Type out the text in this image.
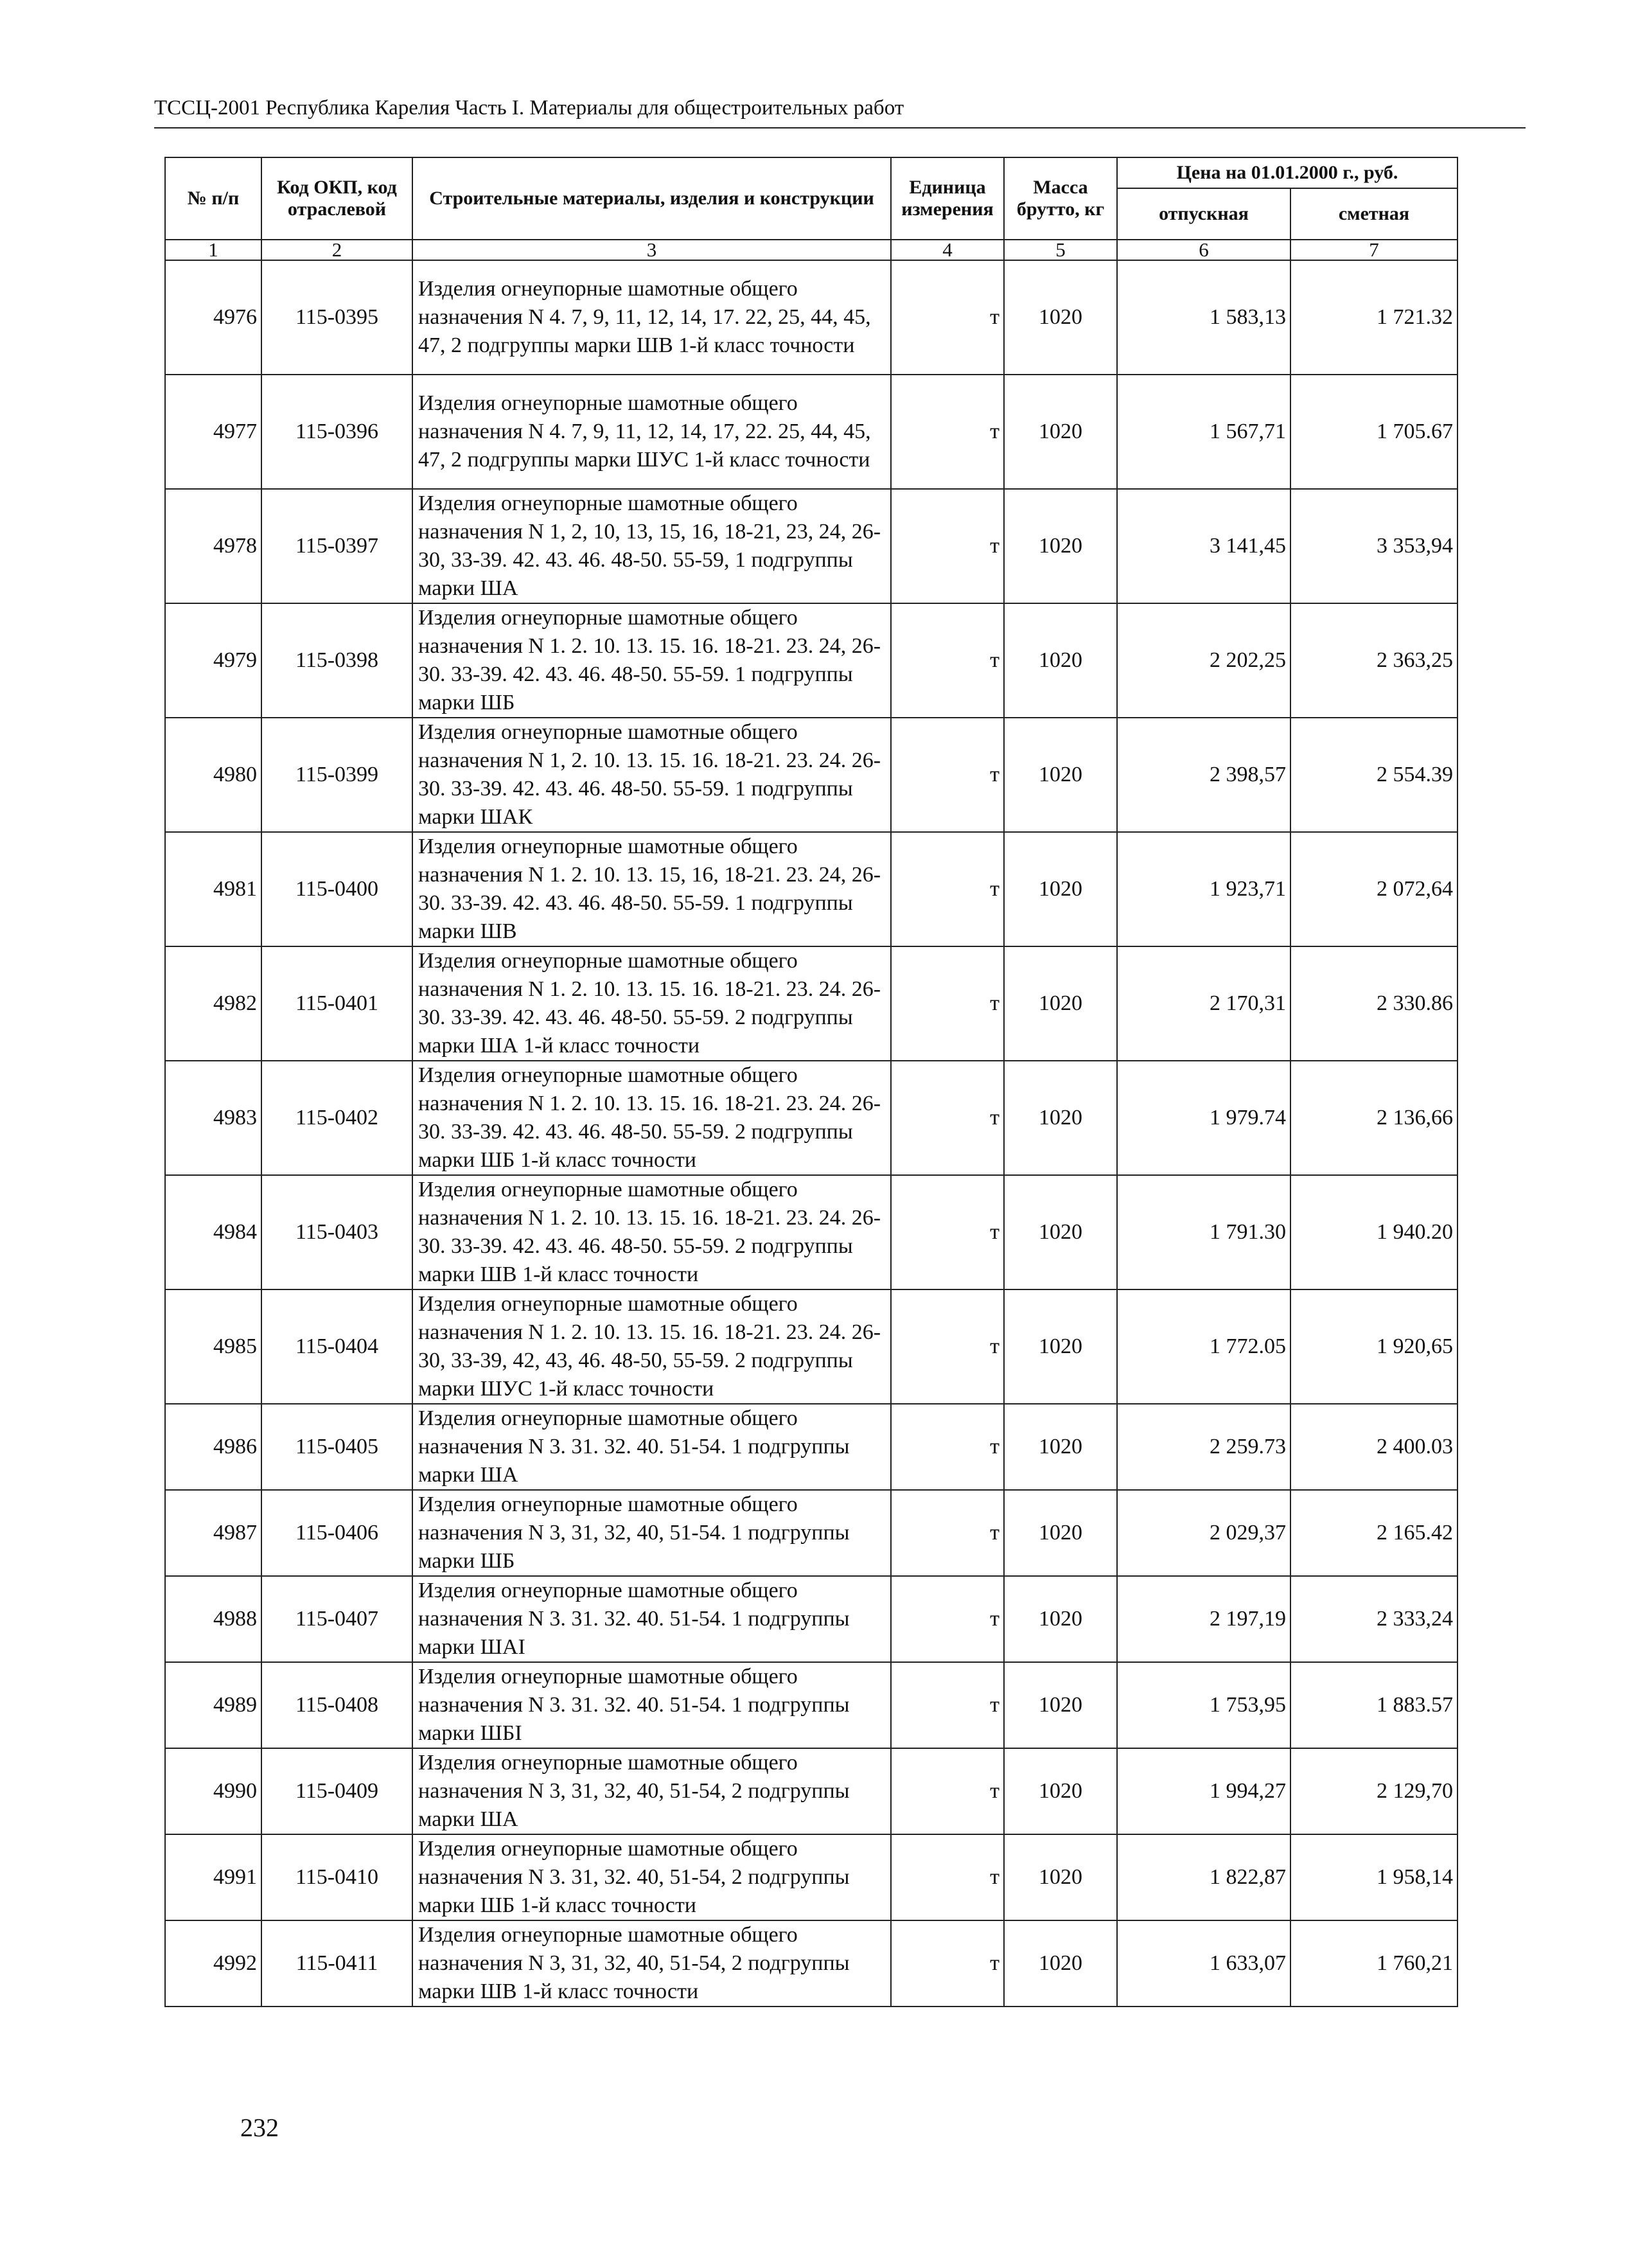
ТССЦ-2001 Республика Карелия Часть I. Материалы для общестроительных работ
№ п/п	Код ОКП, код отраслевой	Строительные материалы, изделия и конструкции	Единица измерения	Масса брутто, кг	Цена на 01.01.2000 г., руб.	
					отпускная	сметная
1	2	3	4	5	6	7
4976	115-0395	Изделия огнеупорные шамотные общего назначения N 4. 7, 9, 11, 12, 14, 17. 22, 25, 44, 45, 47, 2 подгруппы марки ШВ 1-й класс точности	т	1020	1 583,13	1 721.32
4977	115-0396	Изделия огнеупорные шамотные общего назначения N 4. 7, 9, 11, 12, 14, 17, 22. 25, 44, 45, 47, 2 подгруппы марки ШУС 1-й класс точности	т	1020	1 567,71	1 705.67
4978	115-0397	Изделия огнеупорные шамотные общего назначения N 1, 2, 10, 13, 15, 16, 18-21, 23, 24, 26-30, 33-39. 42. 43. 46. 48-50. 55-59, 1 подгруппы марки ША	т	1020	3 141,45	3 353,94
4979	115-0398	Изделия огнеупорные шамотные общего назначения N 1. 2. 10. 13. 15. 16. 18-21. 23. 24, 26-30. 33-39. 42. 43. 46. 48-50. 55-59. 1 подгруппы марки ШБ	т	1020	2 202,25	2 363,25
4980	115-0399	Изделия огнеупорные шамотные общего назначения N 1, 2. 10. 13. 15. 16. 18-21. 23. 24. 26-30. 33-39. 42. 43. 46. 48-50. 55-59. 1 подгруппы марки ШАК	т	1020	2 398,57	2 554.39
4981	115-0400	Изделия огнеупорные шамотные общего назначения N 1. 2. 10. 13. 15, 16, 18-21. 23. 24, 26-30. 33-39. 42. 43. 46. 48-50. 55-59. 1 подгруппы марки ШВ	т	1020	1 923,71	2 072,64
4982	115-0401	Изделия огнеупорные шамотные общего назначения N 1. 2. 10. 13. 15. 16. 18-21. 23. 24. 26-30. 33-39. 42. 43. 46. 48-50. 55-59. 2 подгруппы марки ША 1-й класс точности	т	1020	2 170,31	2 330.86
4983	115-0402	Изделия огнеупорные шамотные общего назначения N 1. 2. 10. 13. 15. 16. 18-21. 23. 24. 26-30. 33-39. 42. 43. 46. 48-50. 55-59. 2 подгруппы марки ШБ 1-й класс точности	т	1020	1 979.74	2 136,66
4984	115-0403	Изделия огнеупорные шамотные общего назначения N 1. 2. 10. 13. 15. 16. 18-21. 23. 24. 26-30. 33-39. 42. 43. 46. 48-50. 55-59. 2 подгруппы марки ШВ 1-й класс точности	т	1020	1 791.30	1 940.20
4985	115-0404	Изделия огнеупорные шамотные общего назначения N 1. 2. 10. 13. 15. 16. 18-21. 23. 24. 26-30, 33-39, 42, 43, 46. 48-50, 55-59. 2 подгруппы марки ШУС 1-й класс точности	т	1020	1 772.05	1 920,65
4986	115-0405	Изделия огнеупорные шамотные общего назначения N 3. 31. 32. 40. 51-54. 1 подгруппы марки ША	т	1020	2 259.73	2 400.03
4987	115-0406	Изделия огнеупорные шамотные общего назначения N 3, 31, 32, 40, 51-54. 1 подгруппы марки ШБ	т	1020	2 029,37	2 165.42
4988	115-0407	Изделия огнеупорные шамотные общего назначения N 3. 31. 32. 40. 51-54. 1 подгруппы марки ШАI	т	1020	2 197,19	2 333,24
4989	115-0408	Изделия огнеупорные шамотные общего назначения N 3. 31. 32. 40. 51-54. 1 подгруппы марки ШБI	т	1020	1 753,95	1 883.57
4990	115-0409	Изделия огнеупорные шамотные общего назначения N 3, 31, 32, 40, 51-54, 2 подгруппы марки ША	т	1020	1 994,27	2 129,70
4991	115-0410	Изделия огнеупорные шамотные общего назначения N 3. 31, 32. 40, 51-54, 2 подгруппы марки ШБ 1-й класс точности	т	1020	1 822,87	1 958,14
4992	115-0411	Изделия огнеупорные шамотные общего назначения N 3, 31, 32, 40, 51-54, 2 подгруппы марки ШВ 1-й класс точности	т	1020	1 633,07	1 760,21
232
